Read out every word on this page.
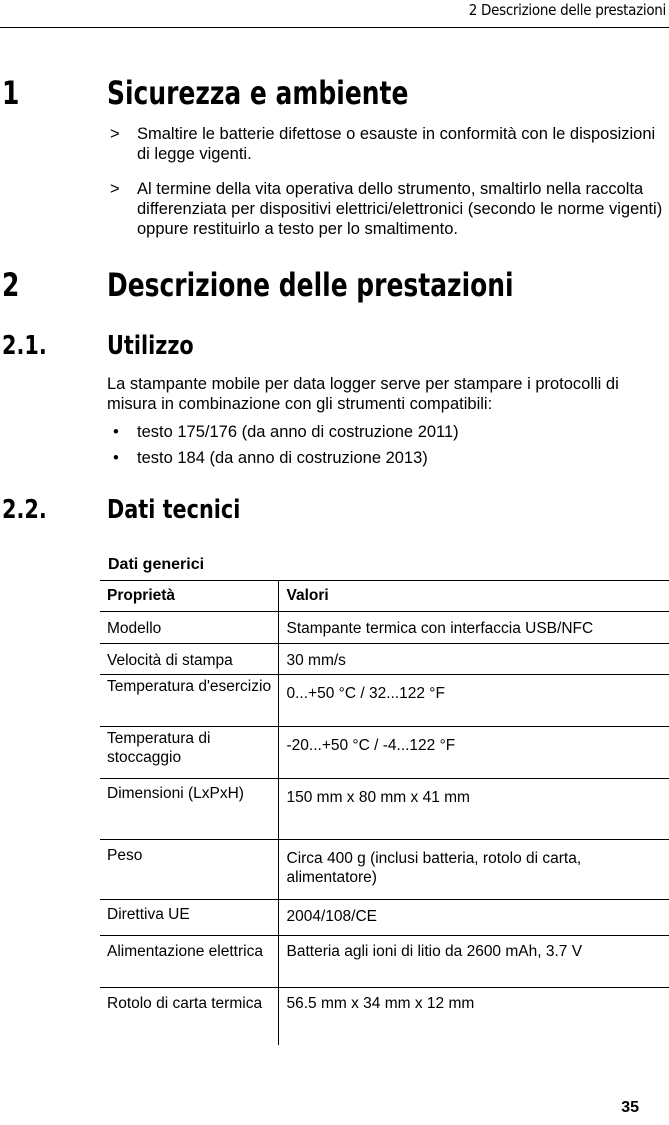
2 Descrizione delle prestazioni
1	Sicurezza e ambiente
> Smaltire le batterie difettose o esauste in conformità con le disposizioni di legge vigenti.
> Al termine della vita operativa dello strumento, smaltirlo nella raccolta differenziata per dispositivi elettrici/elettronici (secondo le norme vigenti) oppure restituirlo a testo per lo smaltimento.
2	Descrizione delle prestazioni
2.1. Utilizzo
La stampante mobile per data logger serve per stampare i protocolli di misura in combinazione con gli strumenti compatibili:
• testo 175/176 (da anno di costruzione 2011)
• testo 184 (da anno di costruzione 2013)
2.2. Dati tecnici
Dati generici
Proprietà	Valori
Modello	Stampante termica con interfaccia USB/NFC
Velocità di stampa	30 mm/s
Temperatura d'esercizio	0...+50 °C / 32...122 °F
Temperatura di stoccaggio	-20...+50 °C / -4...122 °F
Dimensioni (LxPxH)	150 mm x 80 mm x 41 mm
Peso	Circa 400 g (inclusi batteria, rotolo di carta, alimentatore)
Direttiva UE	2004/108/CE
Alimentazione elettrica	Batteria agli ioni di litio da 2600 mAh, 3.7 V
Rotolo di carta termica	56.5 mm x 34 mm x 12 mm
35
